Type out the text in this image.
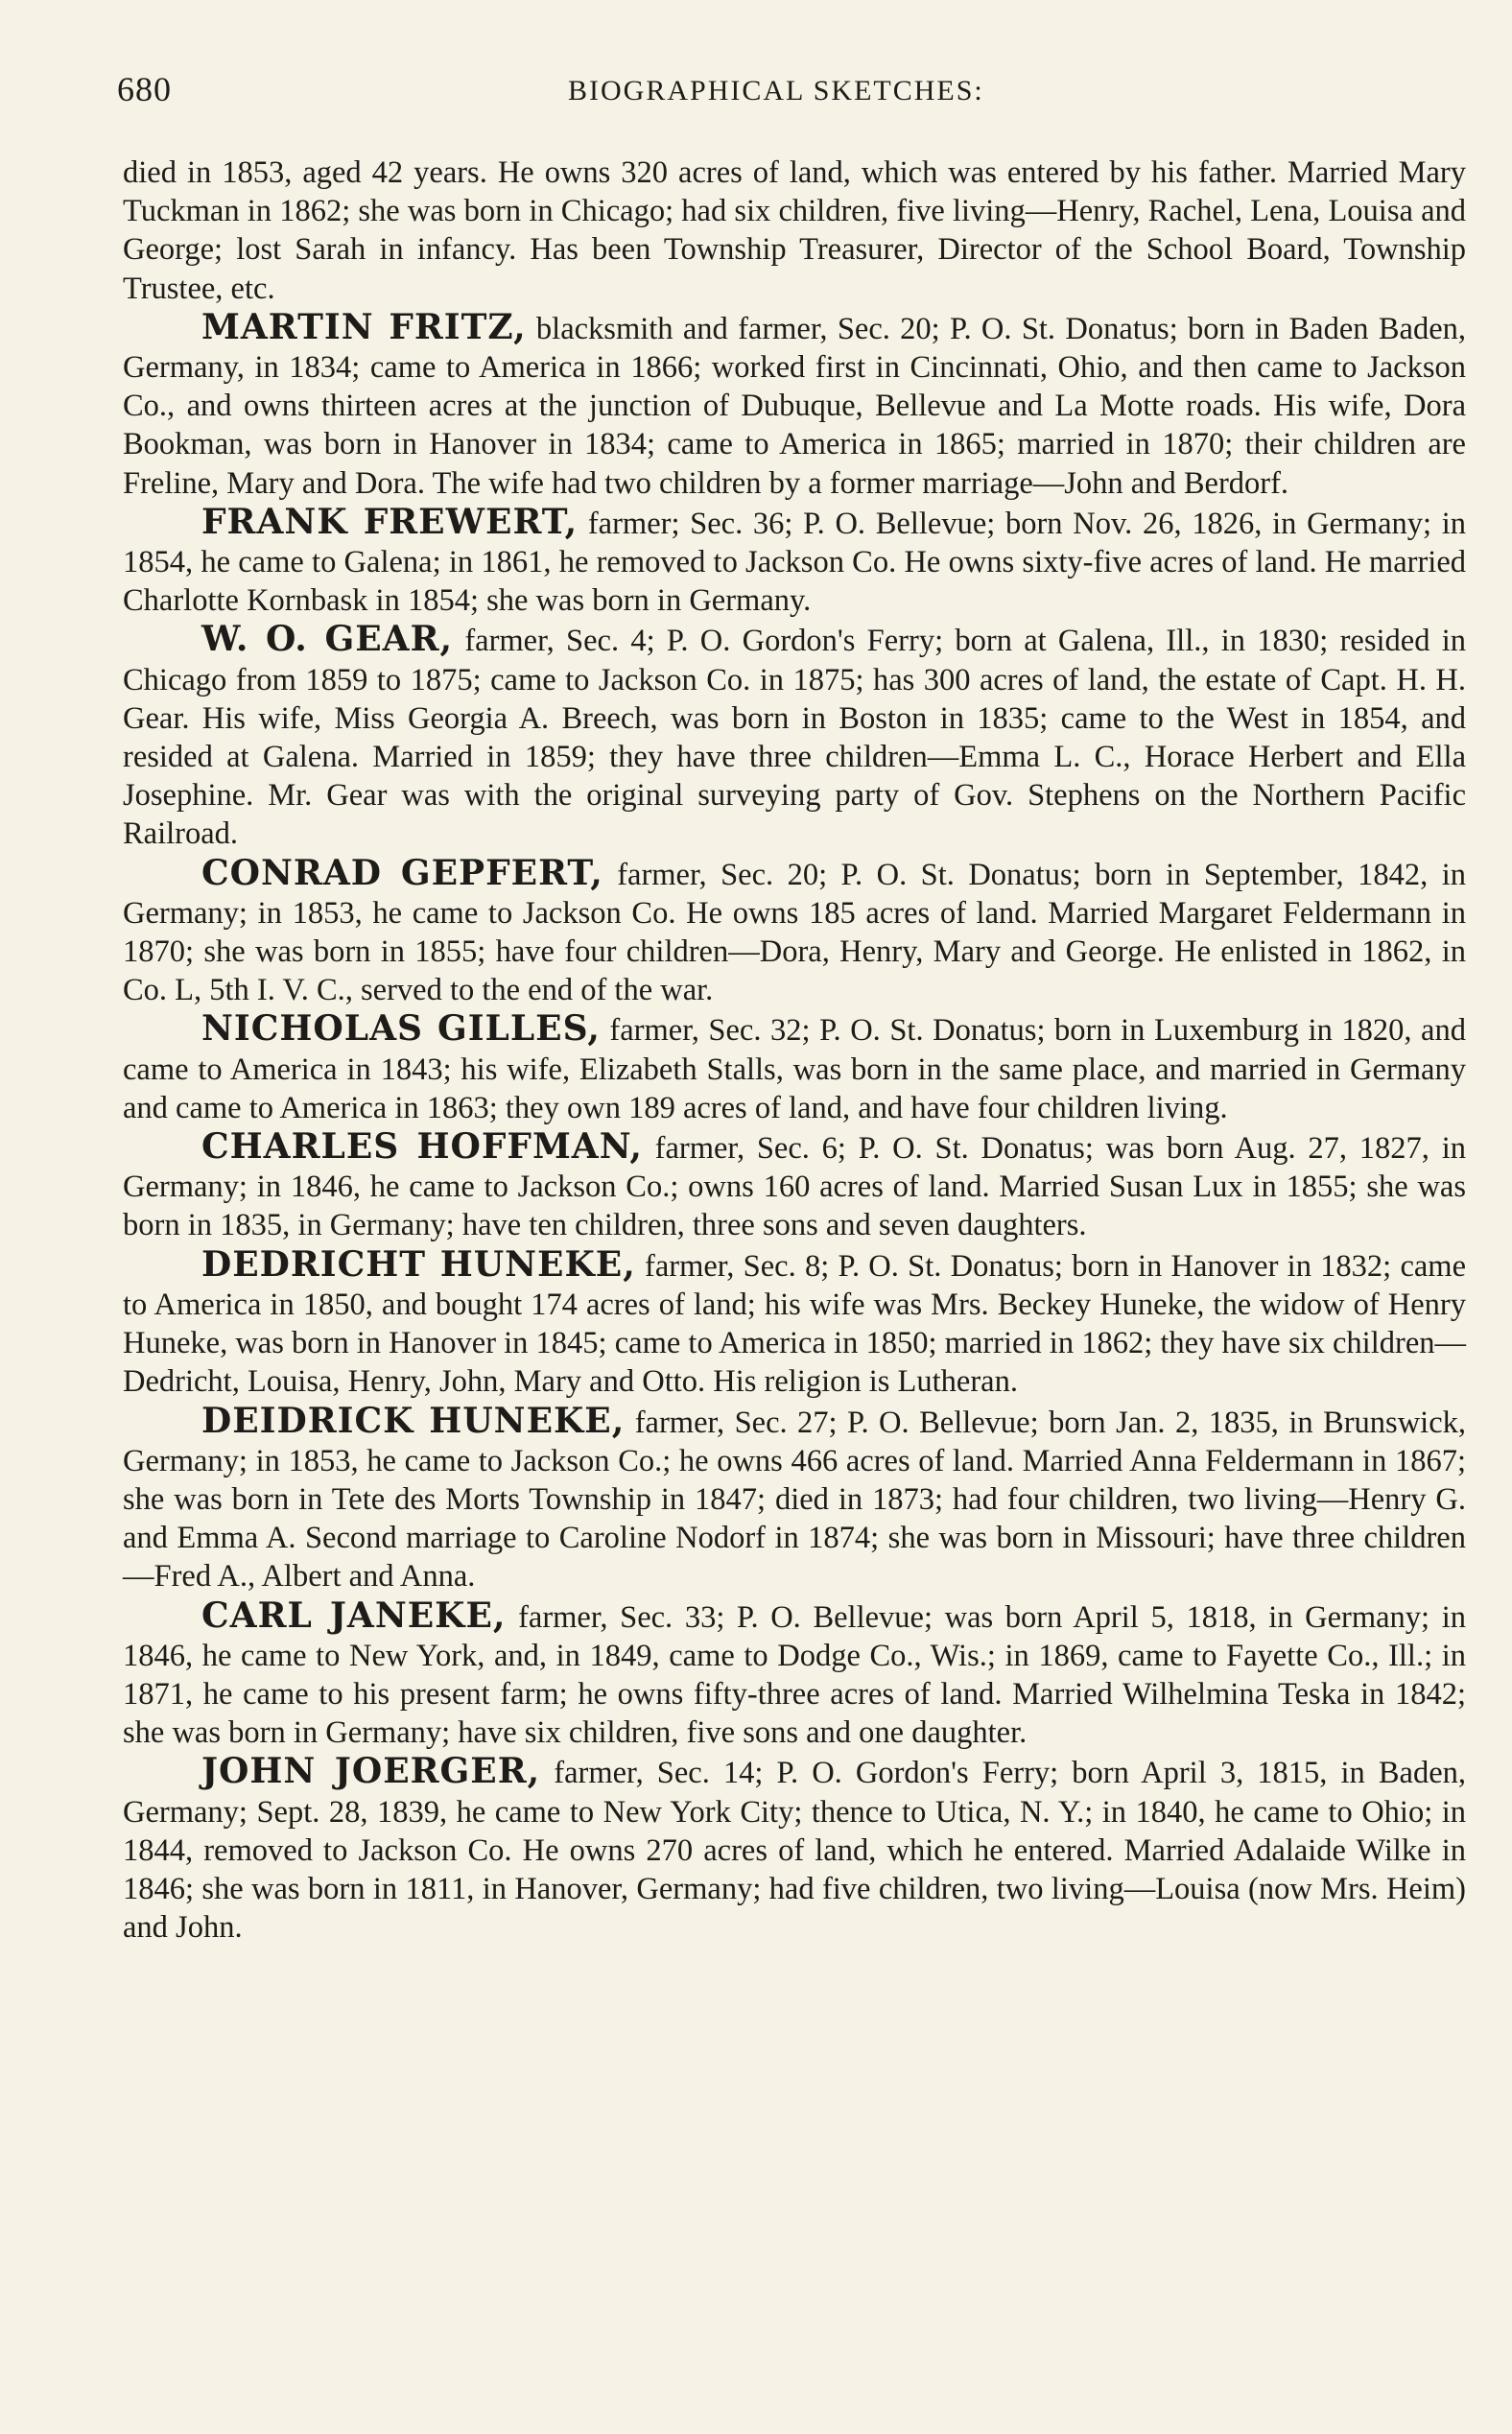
680	BIOGRAPHICAL SKETCHES:

died in 1853, aged 42 years. He owns 320 acres of land, which was entered by his father. Married Mary Tuckman in 1862; she was born in Chicago; had six children, five living—Henry, Rachel, Lena, Louisa and George; lost Sarah in infancy. Has been Township Treasurer, Director of the School Board, Township Trustee, etc.

MARTIN FRITZ, blacksmith and farmer, Sec. 20; P. O. St. Donatus; born in Baden Baden, Germany, in 1834; came to America in 1866; worked first in Cincinnati, Ohio, and then came to Jackson Co., and owns thirteen acres at the junction of Dubuque, Bellevue and La Motte roads. His wife, Dora Bookman, was born in Hanover in 1834; came to America in 1865; married in 1870; their children are Freline, Mary and Dora. The wife had two children by a former marriage—John and Berdorf.

FRANK FREWERT, farmer; Sec. 36; P. O. Bellevue; born Nov. 26, 1826, in Germany; in 1854, he came to Galena; in 1861, he removed to Jackson Co. He owns sixty-five acres of land. He married Charlotte Kornbask in 1854; she was born in Germany.

W. O. GEAR, farmer, Sec. 4; P. O. Gordon's Ferry; born at Galena, Ill., in 1830; resided in Chicago from 1859 to 1875; came to Jackson Co. in 1875; has 300 acres of land, the estate of Capt. H. H. Gear. His wife, Miss Georgia A. Breech, was born in Boston in 1835; came to the West in 1854, and resided at Galena. Married in 1859; they have three children—Emma L. C., Horace Herbert and Ella Josephine. Mr. Gear was with the original surveying party of Gov. Stephens on the Northern Pacific Railroad.

CONRAD GEPFERT, farmer, Sec. 20; P. O. St. Donatus; born in September, 1842, in Germany; in 1853, he came to Jackson Co. He owns 185 acres of land. Married Margaret Feldermann in 1870; she was born in 1855; have four children—Dora, Henry, Mary and George. He enlisted in 1862, in Co. L, 5th I. V. C., served to the end of the war.

NICHOLAS GILLES, farmer, Sec. 32; P. O. St. Donatus; born in Luxemburg in 1820, and came to America in 1843; his wife, Elizabeth Stalls, was born in the same place, and married in Germany and came to America in 1863; they own 189 acres of land, and have four children living.

CHARLES HOFFMAN, farmer, Sec. 6; P. O. St. Donatus; was born Aug. 27, 1827, in Germany; in 1846, he came to Jackson Co.; owns 160 acres of land. Married Susan Lux in 1855; she was born in 1835, in Germany; have ten children, three sons and seven daughters.

DEDRICHT HUNEKE, farmer, Sec. 8; P. O. St. Donatus; born in Hanover in 1832; came to America in 1850, and bought 174 acres of land; his wife was Mrs. Beckey Huneke, the widow of Henry Huneke, was born in Hanover in 1845; came to America in 1850; married in 1862; they have six children—Dedricht, Louisa, Henry, John, Mary and Otto. His religion is Lutheran.

DEIDRICK HUNEKE, farmer, Sec. 27; P. O. Bellevue; born Jan. 2, 1835, in Brunswick, Germany; in 1853, he came to Jackson Co.; he owns 466 acres of land. Married Anna Feldermann in 1867; she was born in Tete des Morts Township in 1847; died in 1873; had four children, two living—Henry G. and Emma A. Second marriage to Caroline Nodorf in 1874; she was born in Missouri; have three children—Fred A., Albert and Anna.

CARL JANEKE, farmer, Sec. 33; P. O. Bellevue; was born April 5, 1818, in Germany; in 1846, he came to New York, and, in 1849, came to Dodge Co., Wis.; in 1869, came to Fayette Co., Ill.; in 1871, he came to his present farm; he owns fifty-three acres of land. Married Wilhelmina Teska in 1842; she was born in Germany; have six children, five sons and one daughter.

JOHN JOERGER, farmer, Sec. 14; P. O. Gordon's Ferry; born April 3, 1815, in Baden, Germany; Sept. 28, 1839, he came to New York City; thence to Utica, N. Y.; in 1840, he came to Ohio; in 1844, removed to Jackson Co. He owns 270 acres of land, which he entered. Married Adalaide Wilke in 1846; she was born in 1811, in Hanover, Germany; had five children, two living—Louisa (now Mrs. Heim) and John.
